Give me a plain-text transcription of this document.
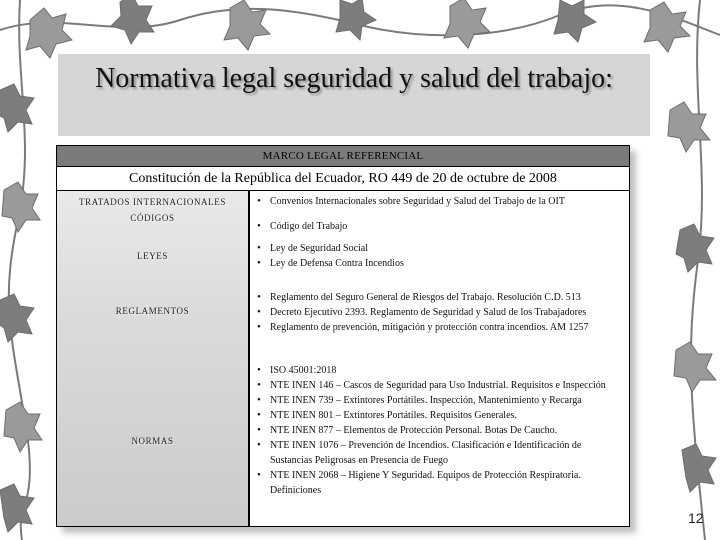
Normativa legal seguridad y salud del trabajo:
MARCO LEGAL REFERENCIAL
Constitución de la República del Ecuador, RO 449 de 20 de octubre de 2008
TRATADOS INTERNACIONALES
CÓDIGOS
LEYES
REGLAMENTOS
NORMAS
• Convenios Internacionales sobre Seguridad y Salud del Trabajo de la OIT
• Código del Trabajo
• Ley de Seguridad Social
• Ley de Defensa Contra Incendios
• Reglamento del Seguro General de Riesgos del Trabajo. Resolución C.D. 513
• Decreto Ejecutivo 2393. Reglamento de Seguridad y Salud de los Trabajadores
• Reglamento de prevención, mitigación y protección contra incendios. AM 1257
• ISO 45001:2018
• NTE INEN 146 – Cascos de Seguridad para Uso Industrial. Requisitos e Inspección
• NTE INEN 739 – Extintores Portátiles. Inspección, Mantenimiento y Recarga
• NTE INEN 801 – Extintores Portátiles. Requisitos Generales.
• NTE INEN 877 – Elementos de Protección Personal. Botas De Caucho.
• NTE INEN 1076 – Prevención de Incendios. Clasificación e Identificación de Sustancias Peligrosas en Presencia de Fuego
• NTE INEN 2068 – Higiene Y Seguridad. Equipos de Protección Respiratoria. Definiciones
12
